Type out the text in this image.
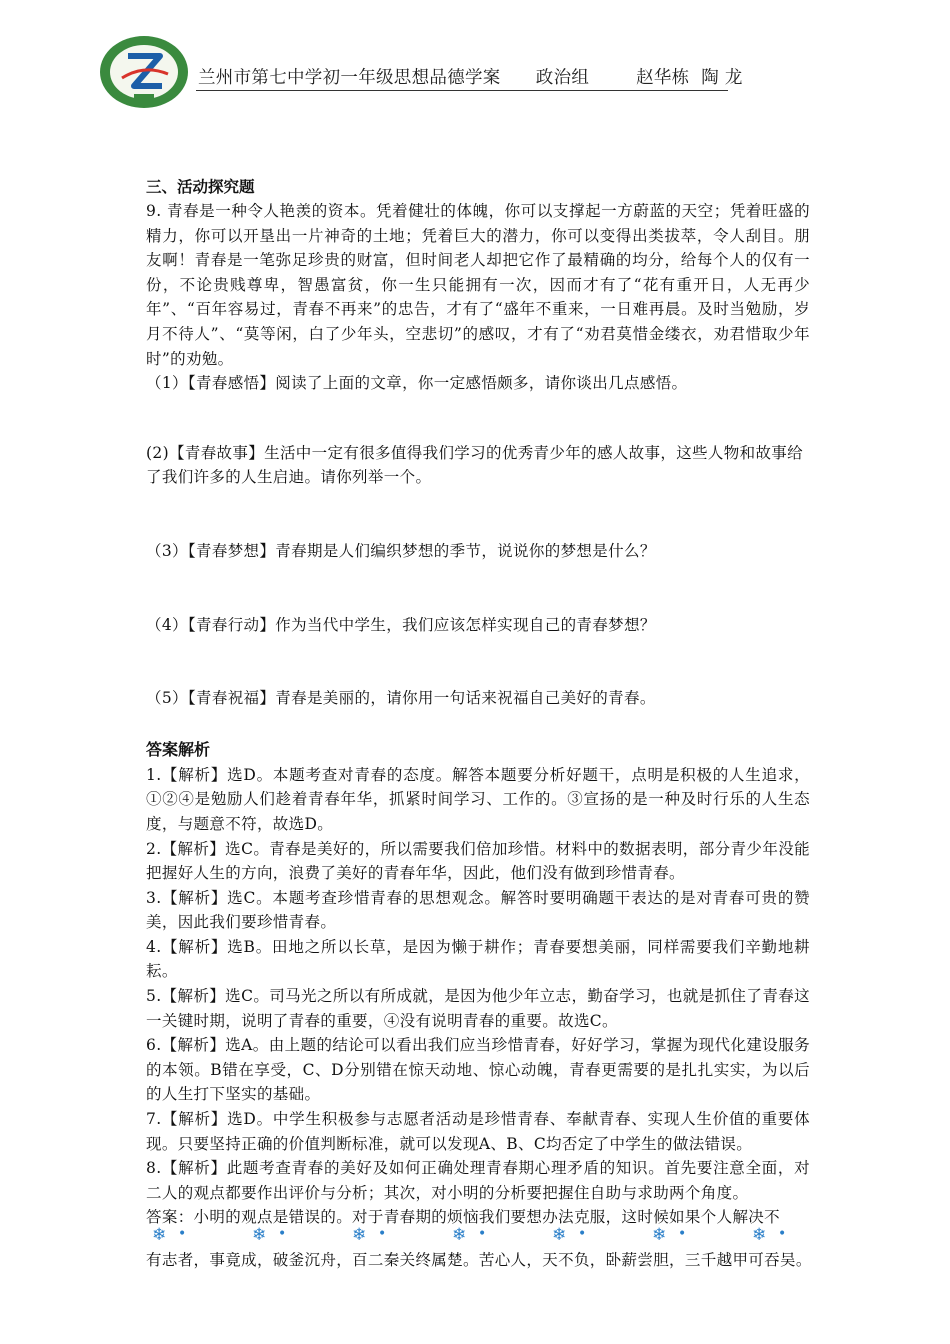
兰州市第七中学初一年级思想品德学案      政治组        赵华栋  陶 龙
三、活动探究题

9. 青春是一种令人艳羡的资本。凭着健壮的体魄，你可以支撑起一方蔚蓝的天空；凭着旺盛的精力，你可以开垦出一片神奇的土地；凭着巨大的潜力，你可以变得出类拔萃，令人刮目。朋友啊！青春是一笔弥足珍贵的财富，但时间老人却把它作了最精确的均分，给每个人的仅有一份，不论贵贱尊卑，智愚富贫，你一生只能拥有一次，因而才有了“花有重开日，人无再少年”、“百年容易过，青春不再来”的忠告，才有了“盛年不重来，一日难再晨。及时当勉励，岁月不待人”、“莫等闲，白了少年头，空悲切”的感叹，才有了“劝君莫惜金缕衣，劝君惜取少年时”的劝勉。

（1）【青春感悟】阅读了上面的文章，你一定感悟颇多，请你谈出几点感悟。

(2)【青春故事】生活中一定有很多值得我们学习的优秀青少年的感人故事，这些人物和故事给了我们许多的人生启迪。请你列举一个。

（3）【青春梦想】青春期是人们编织梦想的季节，说说你的梦想是什么？

（4）【青春行动】作为当代中学生，我们应该怎样实现自己的青春梦想？

（5）【青春祝福】青春是美丽的，请你用一句话来祝福自己美好的青春。

答案解析

1.【解析】选D。本题考查对青春的态度。解答本题要分析好题干，点明是积极的人生追求，①②④是勉励人们趁着青春年华，抓紧时间学习、工作的。③宣扬的是一种及时行乐的人生态度，与题意不符，故选D。

2.【解析】选C。青春是美好的，所以需要我们倍加珍惜。材料中的数据表明，部分青少年没能把握好人生的方向，浪费了美好的青春年华，因此，他们没有做到珍惜青春。

3.【解析】选C。本题考查珍惜青春的思想观念。解答时要明确题干表达的是对青春可贵的赞美，因此我们要珍惜青春。

4.【解析】选B。田地之所以长草，是因为懒于耕作；青春要想美丽，同样需要我们辛勤地耕耘。

5.【解析】选C。司马光之所以有所成就，是因为他少年立志，勤奋学习，也就是抓住了青春这一关键时期，说明了青春的重要，④没有说明青春的重要。故选C。

6.【解析】选A。由上题的结论可以看出我们应当珍惜青春，好好学习，掌握为现代化建设服务的本领。B错在享受，C、D分别错在惊天动地、惊心动魄，青春更需要的是扎扎实实，为以后的人生打下坚实的基础。

7.【解析】选D。中学生积极参与志愿者活动是珍惜青春、奉献青春、实现人生价值的重要体现。只要坚持正确的价值判断标准，就可以发现A、B、C均否定了中学生的做法错误。

8.【解析】此题考查青春的美好及如何正确处理青春期心理矛盾的知识。首先要注意全面，对二人的观点都要作出评价与分析；其次，对小明的分析要把握住自助与求助两个角度。

答案：小明的观点是错误的。对于青春期的烦恼我们要想办法克服，这时候如果个人解决不

❄ •	❄ •	❄ •	❄ •	❄ •	❄ •	❄ •
有志者，事竟成，破釜沉舟，百二秦关终属楚。苦心人，天不负，卧薪尝胆，三千越甲可吞吴。
